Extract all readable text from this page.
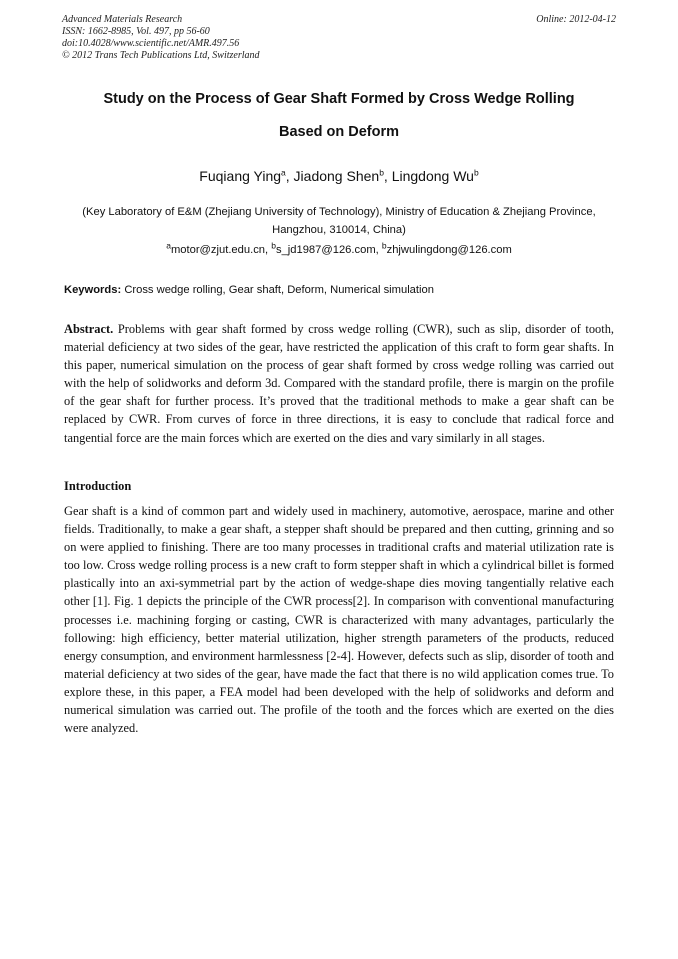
Advanced Materials Research
ISSN: 1662-8985, Vol. 497, pp 56-60
doi:10.4028/www.scientific.net/AMR.497.56
© 2012 Trans Tech Publications Ltd, Switzerland
Online: 2012-04-12
Study on the Process of Gear Shaft Formed by Cross Wedge Rolling
Based on Deform
Fuqiang Ying$^a$, Jiadong Shen$^b$, Lingdong Wu$^b$
(Key Laboratory of E&M (Zhejiang University of Technology), Ministry of Education & Zhejiang Province, Hangzhou, 310014, China)
$^a$motor@zjut.edu.cn, $^b$s_jd1987@126.com, $^b$zhjwulingdong@126.com
Keywords: Cross wedge rolling, Gear shaft, Deform, Numerical simulation
Abstract. Problems with gear shaft formed by cross wedge rolling (CWR), such as slip, disorder of tooth, material deficiency at two sides of the gear, have restricted the application of this craft to form gear shafts. In this paper, numerical simulation on the process of gear shaft formed by cross wedge rolling was carried out with the help of solidworks and deform 3d. Compared with the standard profile, there is margin on the profile of the gear shaft for further process. It’s proved that the traditional methods to make a gear shaft can be replaced by CWR. From curves of force in three directions, it is easy to conclude that radical force and tangential force are the main forces which are exerted on the dies and vary similarly in all stages.
Introduction
Gear shaft is a kind of common part and widely used in machinery, automotive, aerospace, marine and other fields. Traditionally, to make a gear shaft, a stepper shaft should be prepared and then cutting, grinning and so on were applied to finishing. There are too many processes in traditional crafts and material utilization rate is too low. Cross wedge rolling process is a new craft to form stepper shaft in which a cylindrical billet is formed plastically into an axi-symmetrial part by the action of wedge-shape dies moving tangentially relative each other [1]. Fig. 1 depicts the principle of the CWR process[2]. In comparison with conventional manufacturing processes i.e. machining forging or casting, CWR is characterized with many advantages, particularly the following: high efficiency, better material utilization, higher strength parameters of the products, reduced energy consumption, and environment harmlessness [2-4]. However, defects such as slip, disorder of tooth and material deficiency at two sides of the gear, have made the fact that there is no wild application comes true. To explore these, in this paper, a FEA model had been developed with the help of solidworks and deform and numerical simulation was carried out. The profile of the tooth and the forces which are exerted on the dies were analyzed.
